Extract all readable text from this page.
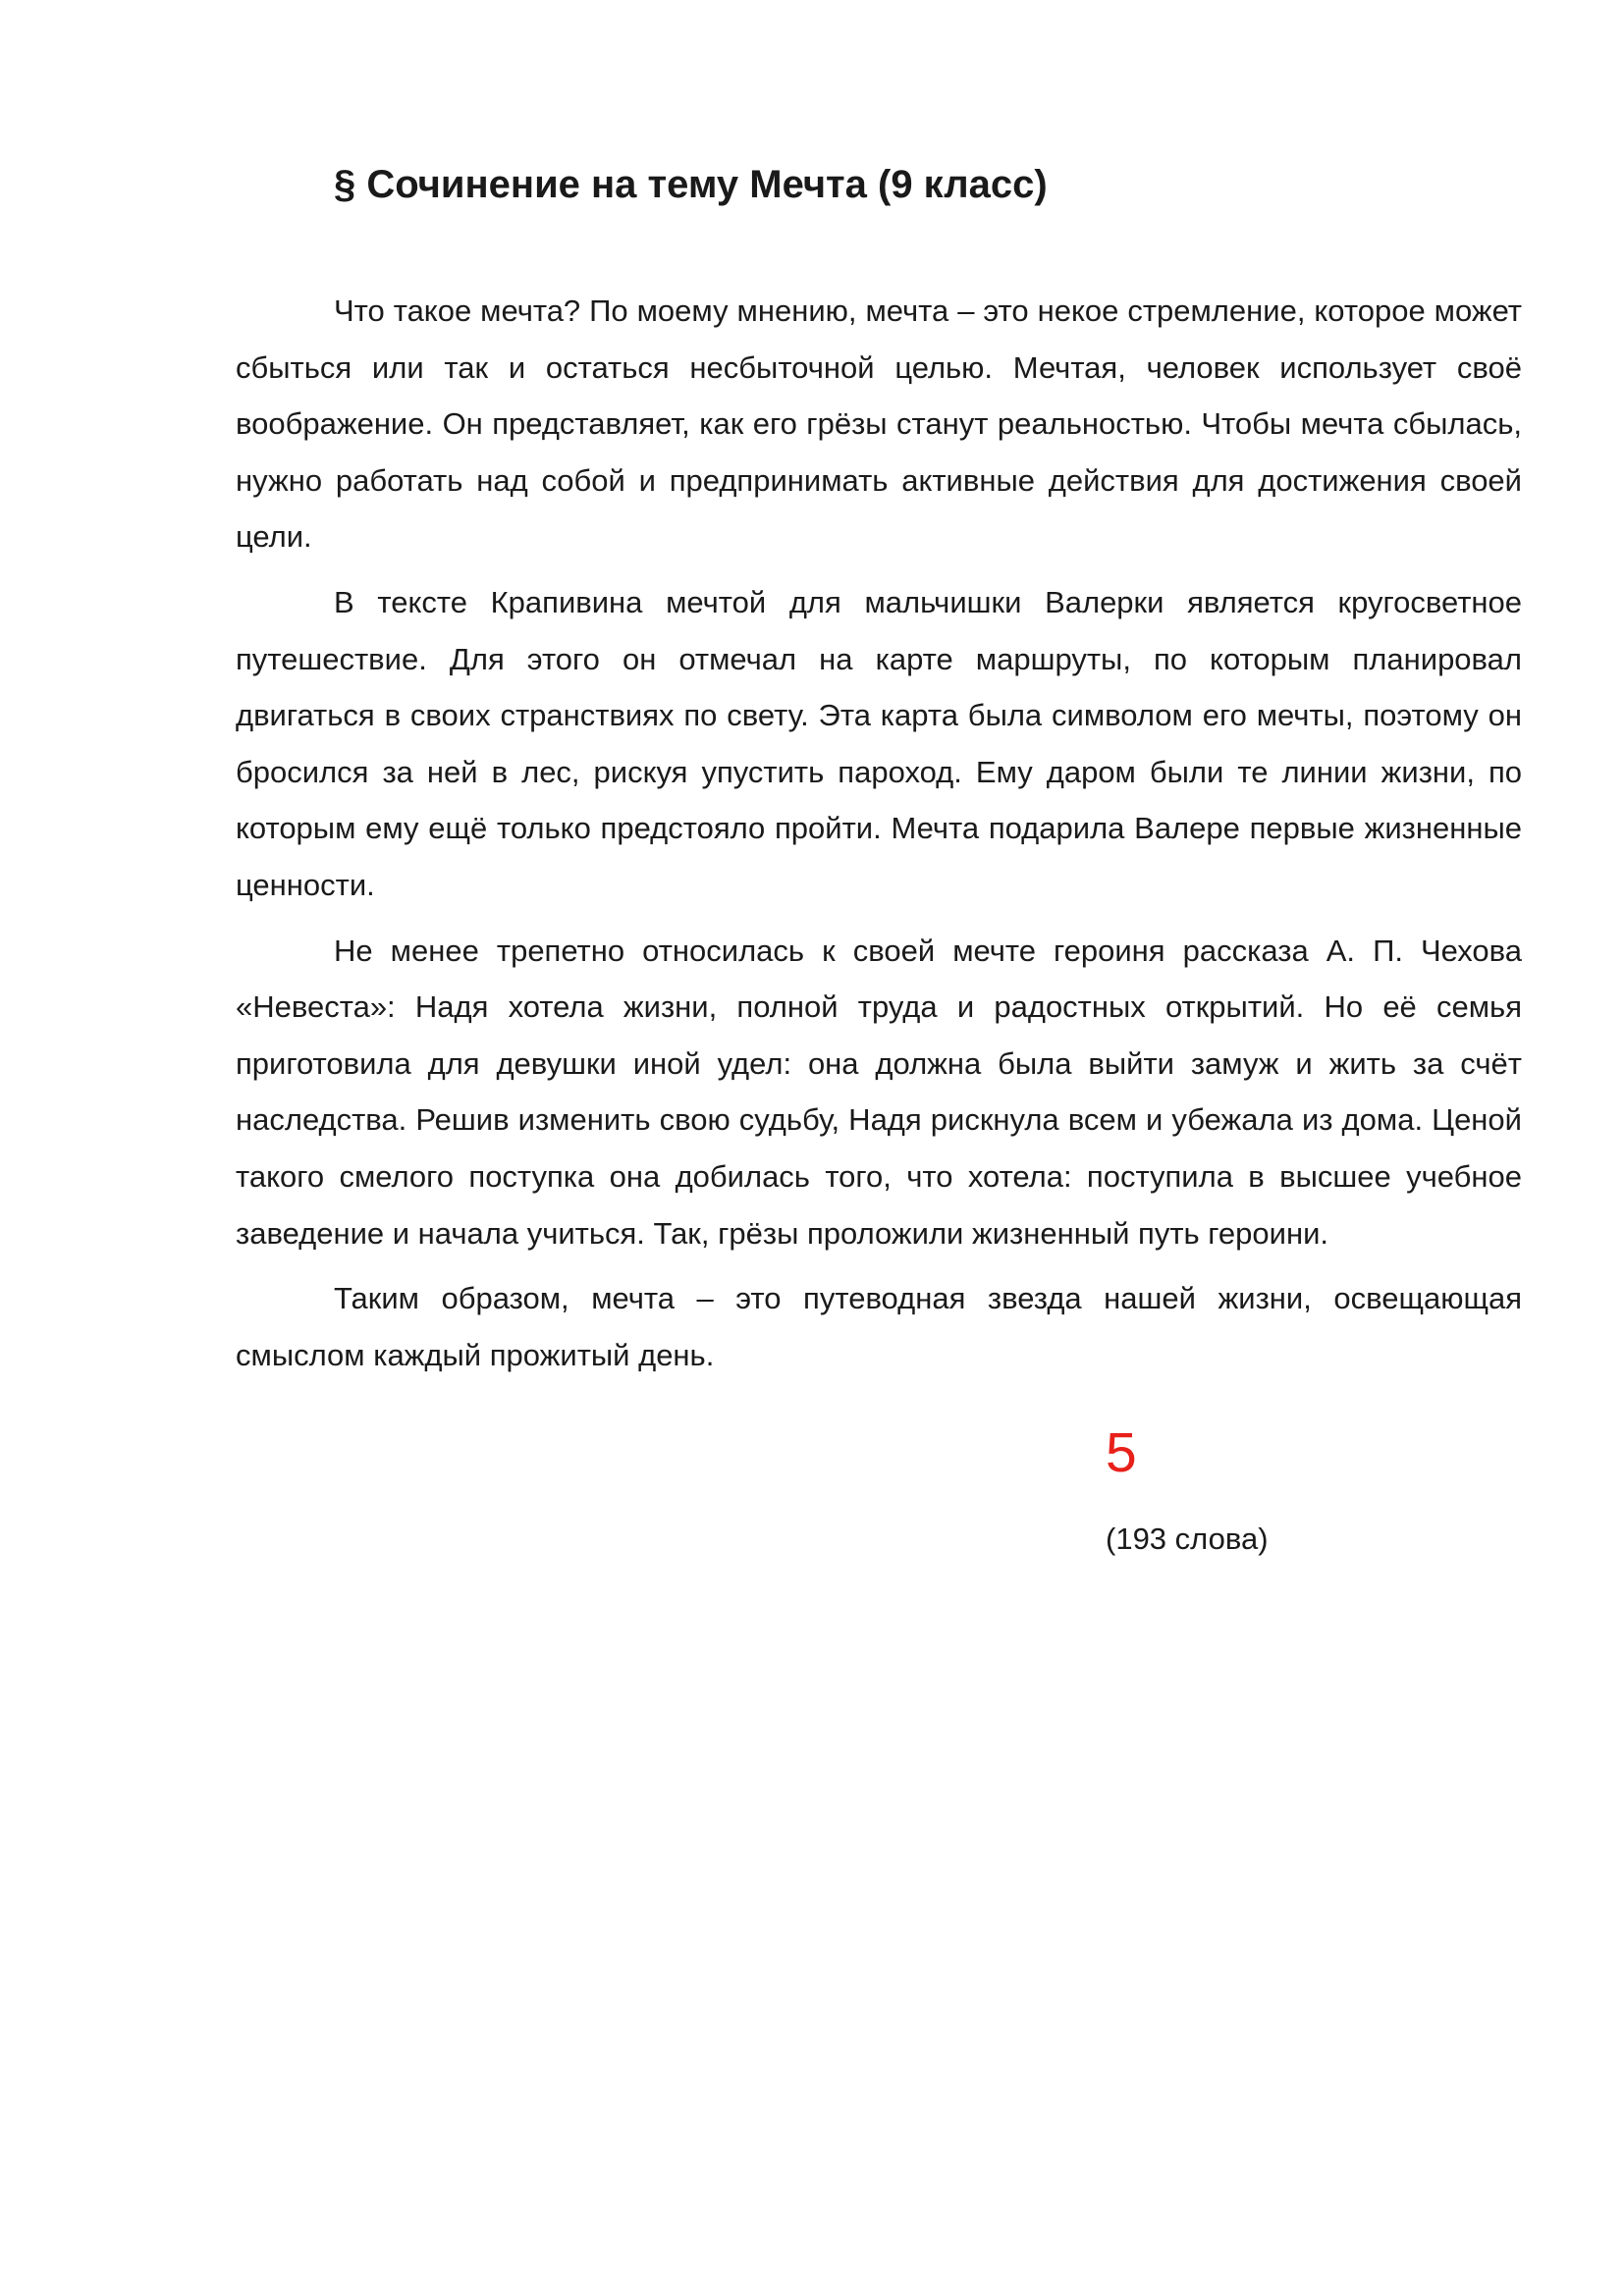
§ Сочинение на тему Мечта (9 класс)

Что такое мечта? По моему мнению, мечта – это некое стремление, которое может сбыться или так и остаться несбыточной целью. Мечтая, человек использует своё воображение. Он представляет, как его грёзы станут реальностью. Чтобы мечта сбылась, нужно работать над собой и предпринимать активные действия для достижения своей цели.

В тексте Крапивина мечтой для мальчишки Валерки является кругосветное путешествие. Для этого он отмечал на карте маршруты, по которым планировал двигаться в своих странствиях по свету. Эта карта была символом его мечты, поэтому он бросился за ней в лес, рискуя упустить пароход. Ему даром были те линии жизни, по которым ему ещё только предстояло пройти. Мечта подарила Валере первые жизненные ценности.

Не менее трепетно относилась к своей мечте героиня рассказа А. П. Чехова «Невеста»: Надя хотела жизни, полной труда и радостных открытий. Но её семья приготовила для девушки иной удел: она должна была выйти замуж и жить за счёт наследства. Решив изменить свою судьбу, Надя рискнула всем и убежала из дома. Ценой такого смелого поступка она добилась того, что хотела: поступила в высшее учебное заведение и начала учиться. Так, грёзы проложили жизненный путь героини.

Таким образом, мечта – это путеводная звезда нашей жизни, освещающая смыслом каждый прожитый день.

5

(193 слова)
